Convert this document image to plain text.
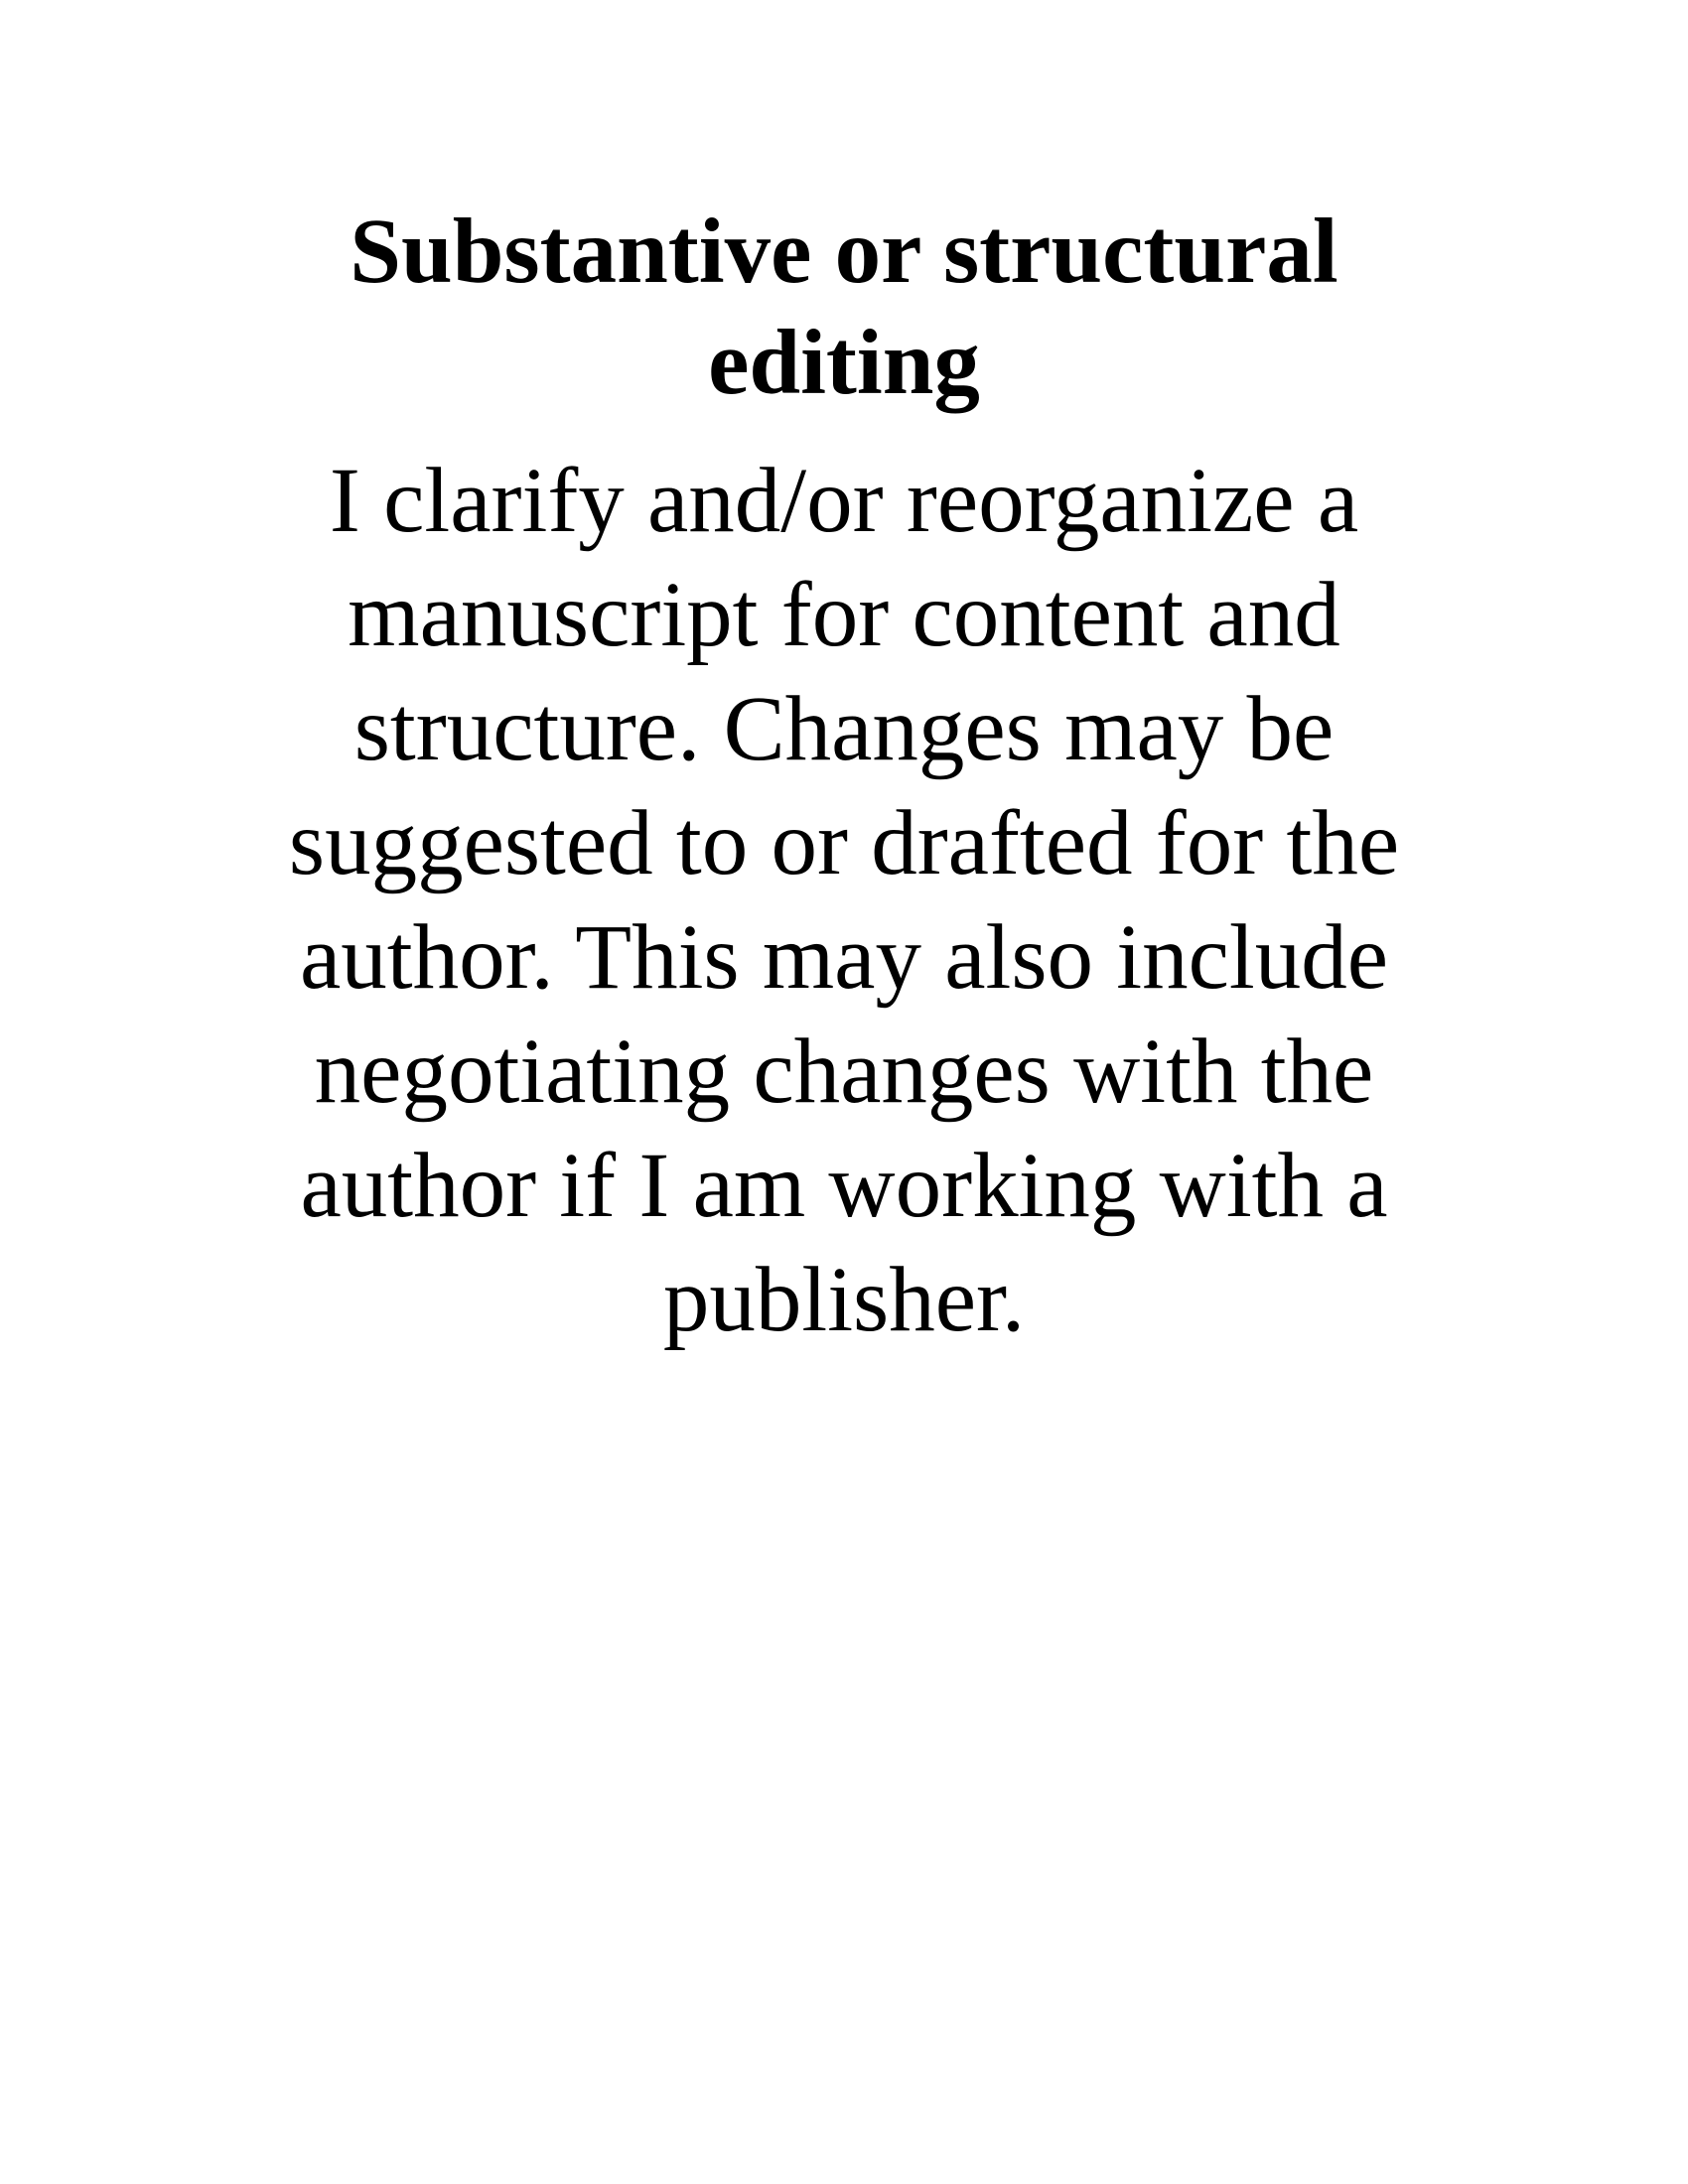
Substantive or structural
editing

I clarify and/or reorganize a
manuscript for content and
structure. Changes may be
suggested to or drafted for the
author. This may also include
negotiating changes with the
author if I am working with a
publisher.
